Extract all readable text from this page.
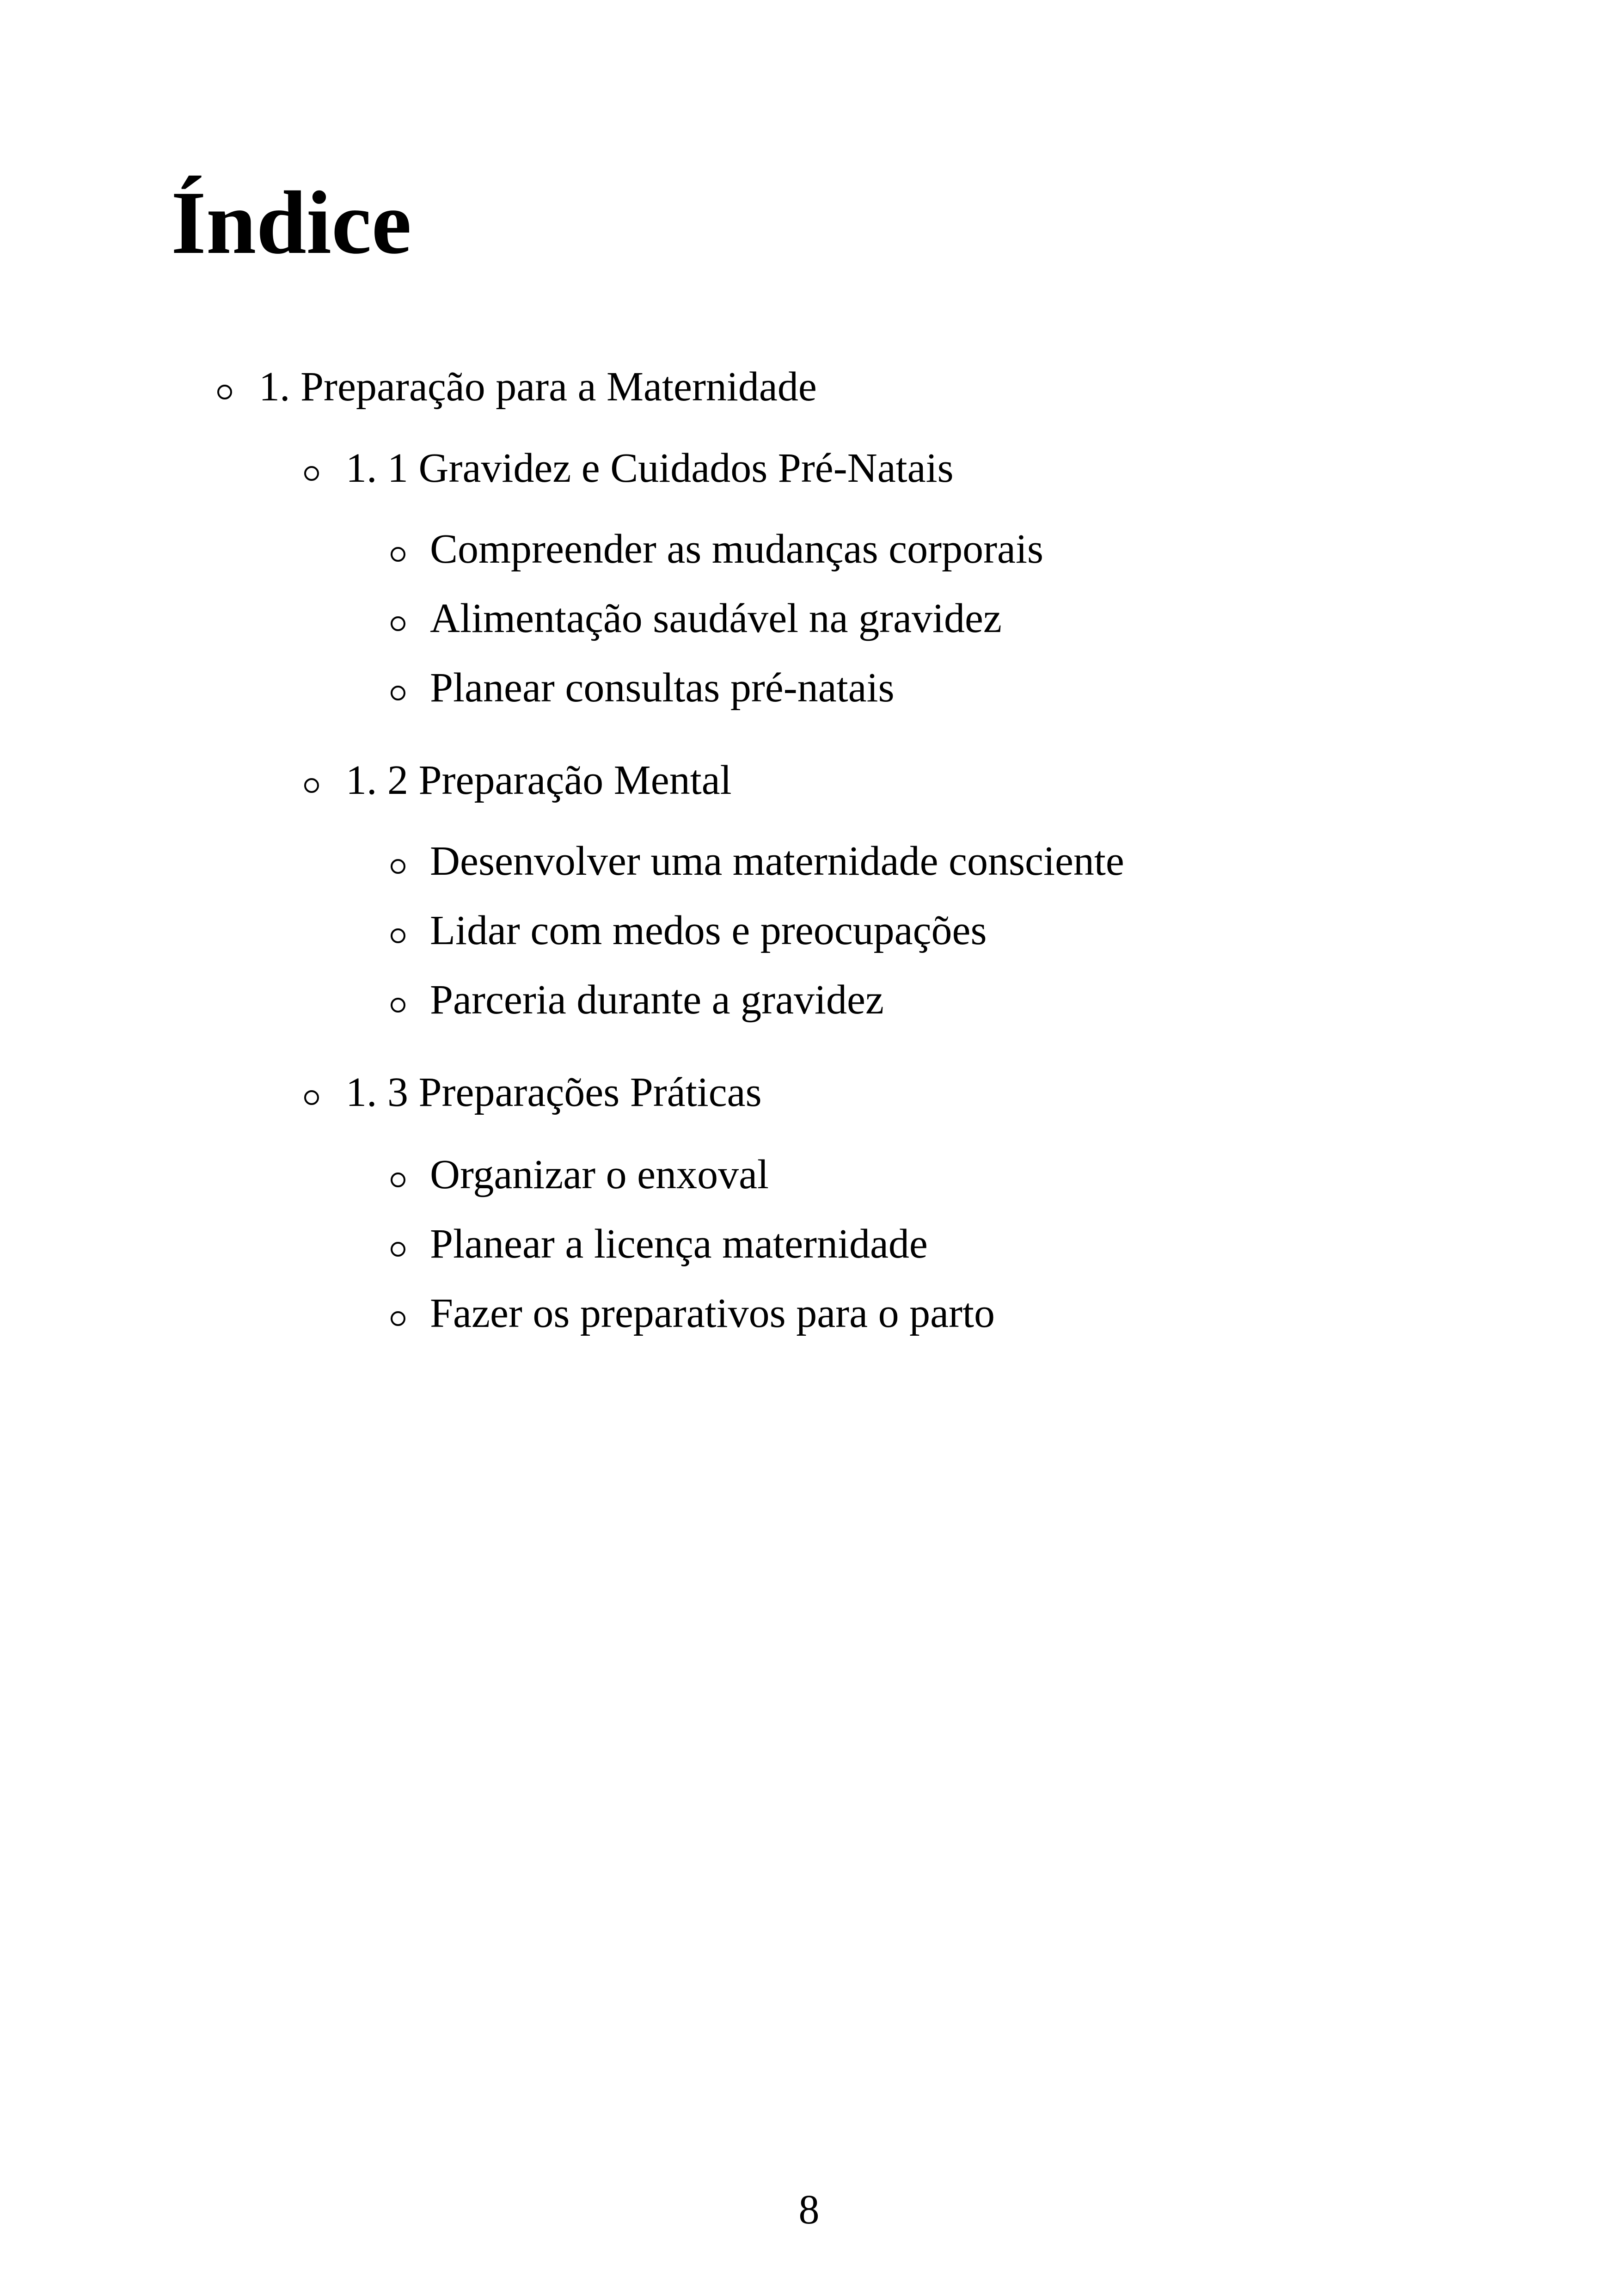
Índice
1. Preparação para a Maternidade
1. 1 Gravidez e Cuidados Pré-Natais
Compreender as mudanças corporais
Alimentação saudável na gravidez
Planear consultas pré-natais
1. 2 Preparação Mental
Desenvolver uma maternidade consciente
Lidar com medos e preocupações
Parceria durante a gravidez
1. 3 Preparações Práticas
Organizar o enxoval
Planear a licença maternidade
Fazer os preparativos para o parto
8
